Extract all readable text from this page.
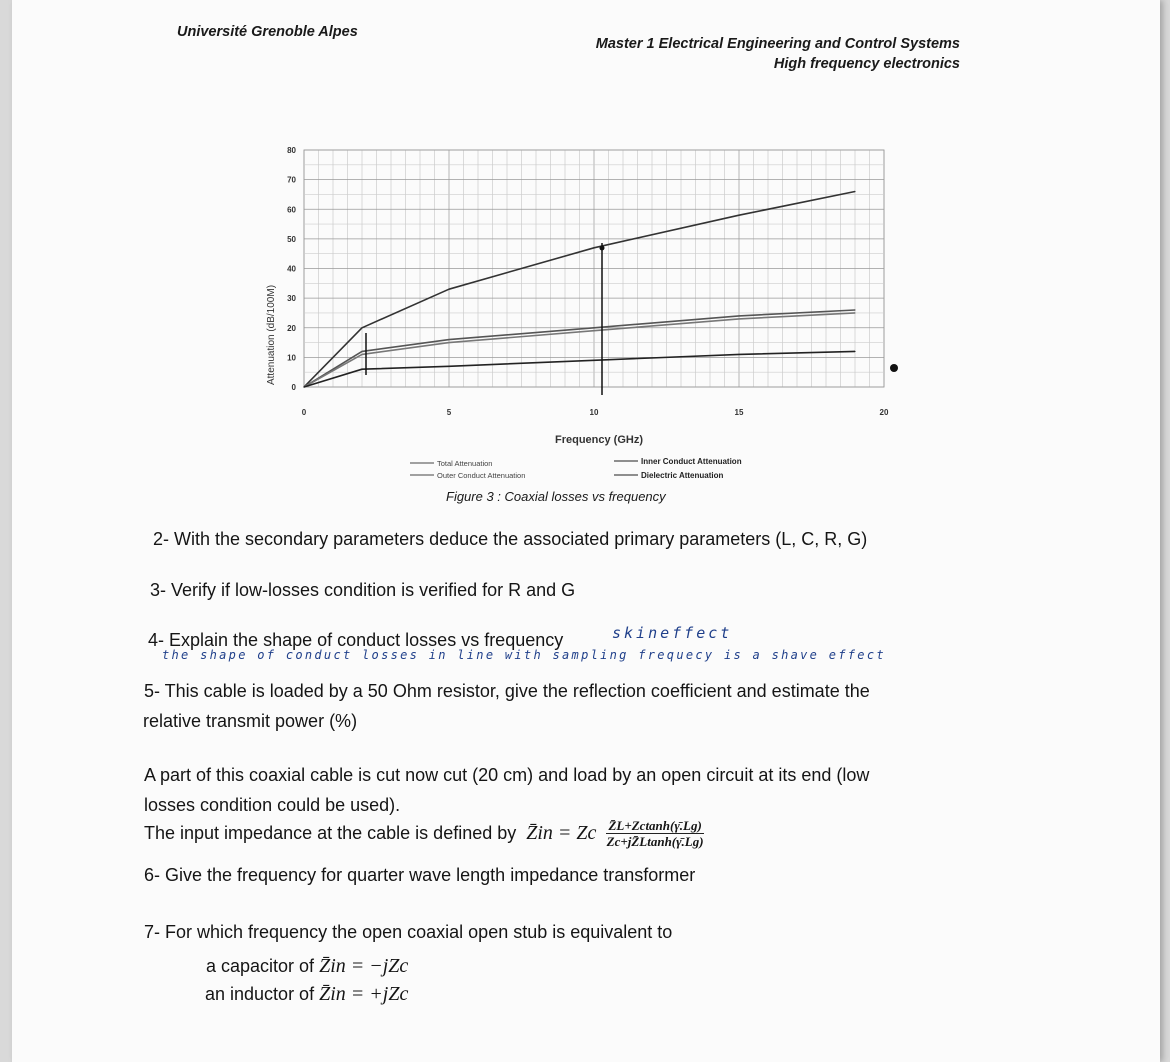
Université Grenoble Alpes
Master 1 Electrical Engineering and Control Systems
High frequency electronics
0
10
20
30
40
50
60
70
80
0	5	10	15	20
Attenuation (dB/100M)
Frequency (GHz)
Total Attenuation
Outer Conduct Attenuation
Inner Conduct Attenuation
Dielectric Attenuation
Figure 3 : Coaxial losses vs frequency
2- With the secondary parameters deduce the associated primary parameters (L, C, R, G)
3- Verify if low-losses condition is verified for R and G
4- Explain the shape of conduct losses vs frequency	skineffect
the shape of conduct losses in line with sampling frequecy is a shave effect
5- This cable is loaded by a 50 Ohm resistor, give the reflection coefficient and estimate the
relative transmit power (%)
A part of this coaxial cable is cut now cut (20 cm) and load by an open circuit at its end (low
losses condition could be used).
The input impedance at the cable is defined by Z̄in = Zc $\frac{Z̄L+Zctanh(\gammā.Lg)}{Zc+jZ̄Ltanh(\gammā.Lg)}$
6- Give the frequency for quarter wave length impedance transformer
7- For which frequency the open coaxial open stub is equivalent to
a capacitor of Z̄in = −jZc
an inductor of Z̄in = +jZc
